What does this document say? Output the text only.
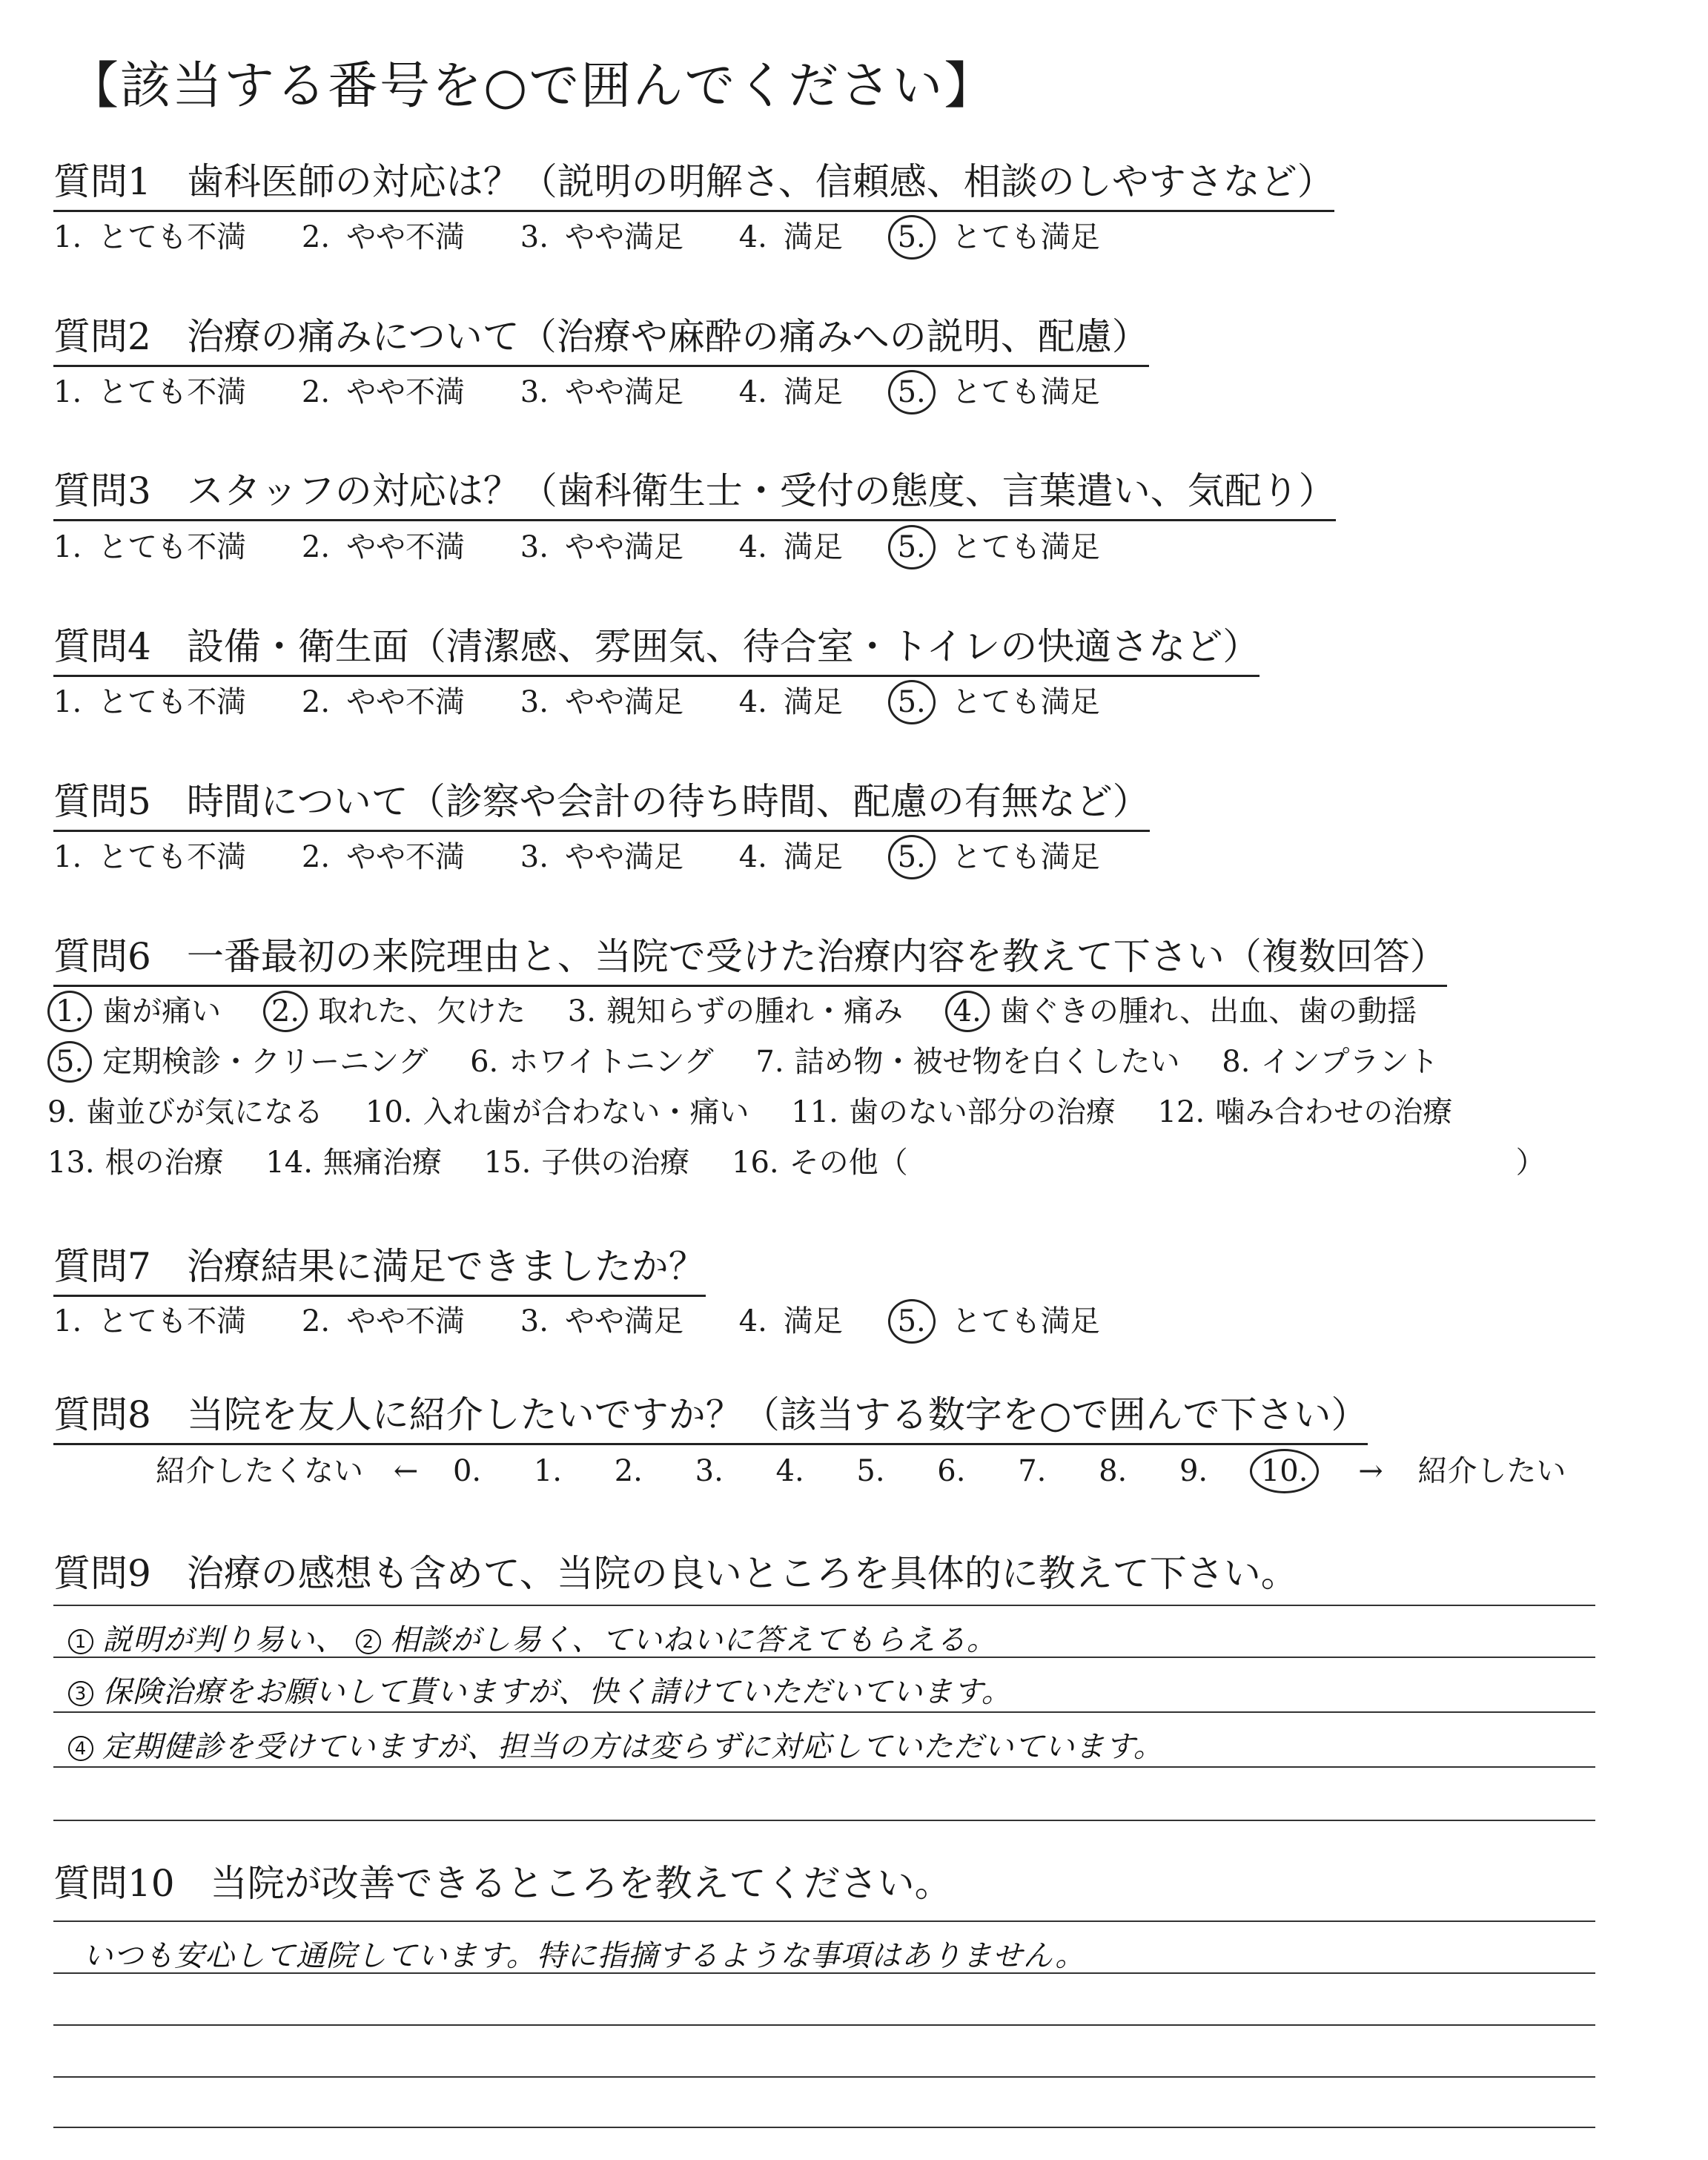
【該当する番号を○で囲んでください】
質問1 歯科医師の対応は？（説明の明解さ、信頼感、相談のしやすさなど）
1. とても不満 2. やや不満 3. やや満足 4. 満足 5. とても満足
質問2 治療の痛みについて（治療や麻酔の痛みへの説明、配慮）
1. とても不満 2. やや不満 3. やや満足 4. 満足 5. とても満足
質問3 スタッフの対応は？（歯科衛生士・受付の態度、言葉遣い、気配り）
1. とても不満 2. やや不満 3. やや満足 4. 満足 5. とても満足
質問4 設備・衛生面（清潔感、雰囲気、待合室・トイレの快適さなど）
1. とても不満 2. やや不満 3. やや満足 4. 満足 5. とても満足
質問5 時間について（診察や会計の待ち時間、配慮の有無など）
1. とても不満 2. やや不満 3. やや満足 4. 満足 5. とても満足
質問6 一番最初の来院理由と、当院で受けた治療内容を教えて下さい（複数回答）
1. 歯が痛い 2. 取れた、欠けた 3. 親知らずの腫れ・痛み 4. 歯ぐきの腫れ、出血、歯の動揺
5. 定期検診・クリーニング 6. ホワイトニング 7. 詰め物・被せ物を白くしたい 8. インプラント
9. 歯並びが気になる 10. 入れ歯が合わない・痛い 11. 歯のない部分の治療 12. 噛み合わせの治療
13. 根の治療 14. 無痛治療 15. 子供の治療 16. その他（	）
質問7 治療結果に満足できましたか？
1. とても不満 2. やや不満 3. やや満足 4. 満足 5. とても満足
質問8 当院を友人に紹介したいですか？（該当する数字を○で囲んで下さい）
紹介したくない ← 0. 1. 2. 3. 4. 5. 6. 7. 8. 9. 10. → 紹介したい
質問9 治療の感想も含めて、当院の良いところを具体的に教えて下さい。
1 説明が判り易い、 2 相談がし易く、ていねいに答えてもらえる。
3 保険治療をお願いして貰いますが、快く請けていただいています。
4 定期健診を受けていますが、担当の方は変らずに対応していただいています。
質問10 当院が改善できるところを教えてください。
いつも安心して通院しています。特に指摘するような事項はありません。
